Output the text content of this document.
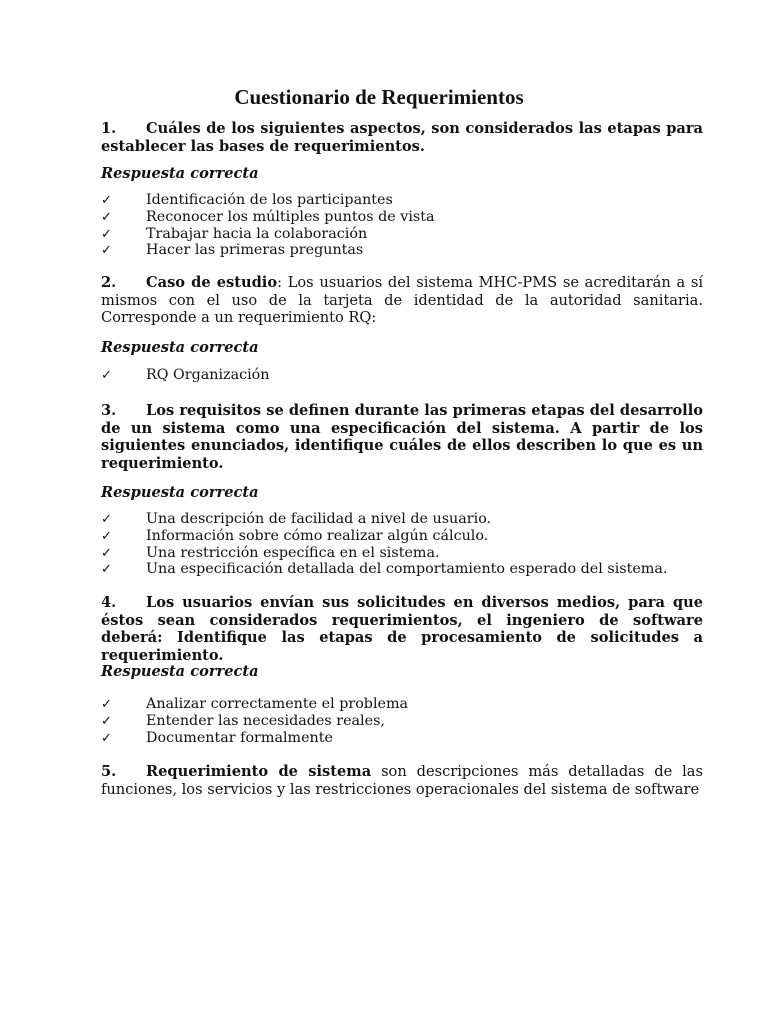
Cuestionario de Requerimientos
1. Cuáles de los siguientes aspectos, son considerados las etapas para establecer las bases de requerimientos.
Respuesta correcta
✓ Identificación de los participantes
✓ Reconocer los múltiples puntos de vista
✓ Trabajar hacia la colaboración
✓ Hacer las primeras preguntas
2. Caso de estudio: Los usuarios del sistema MHC-PMS se acreditarán a sí mismos con el uso de la tarjeta de identidad de la autoridad sanitaria. Corresponde a un requerimiento RQ:
Respuesta correcta
✓ RQ Organización
3. Los requisitos se definen durante las primeras etapas del desarrollo de un sistema como una especificación del sistema. A partir de los siguientes enunciados, identifique cuáles de ellos describen lo que es un requerimiento.
Respuesta correcta
✓ Una descripción de facilidad a nivel de usuario.
✓ Información sobre cómo realizar algún cálculo.
✓ Una restricción específica en el sistema.
✓ Una especificación detallada del comportamiento esperado del sistema.
4. Los usuarios envían sus solicitudes en diversos medios, para que éstos sean considerados requerimientos, el ingeniero de software deberá: Identifique las etapas de procesamiento de solicitudes a requerimiento.
Respuesta correcta
✓ Analizar correctamente el problema
✓ Entender las necesidades reales,
✓ Documentar formalmente
5. Requerimiento de sistema son descripciones más detalladas de las funciones, los servicios y las restricciones operacionales del sistema de software
